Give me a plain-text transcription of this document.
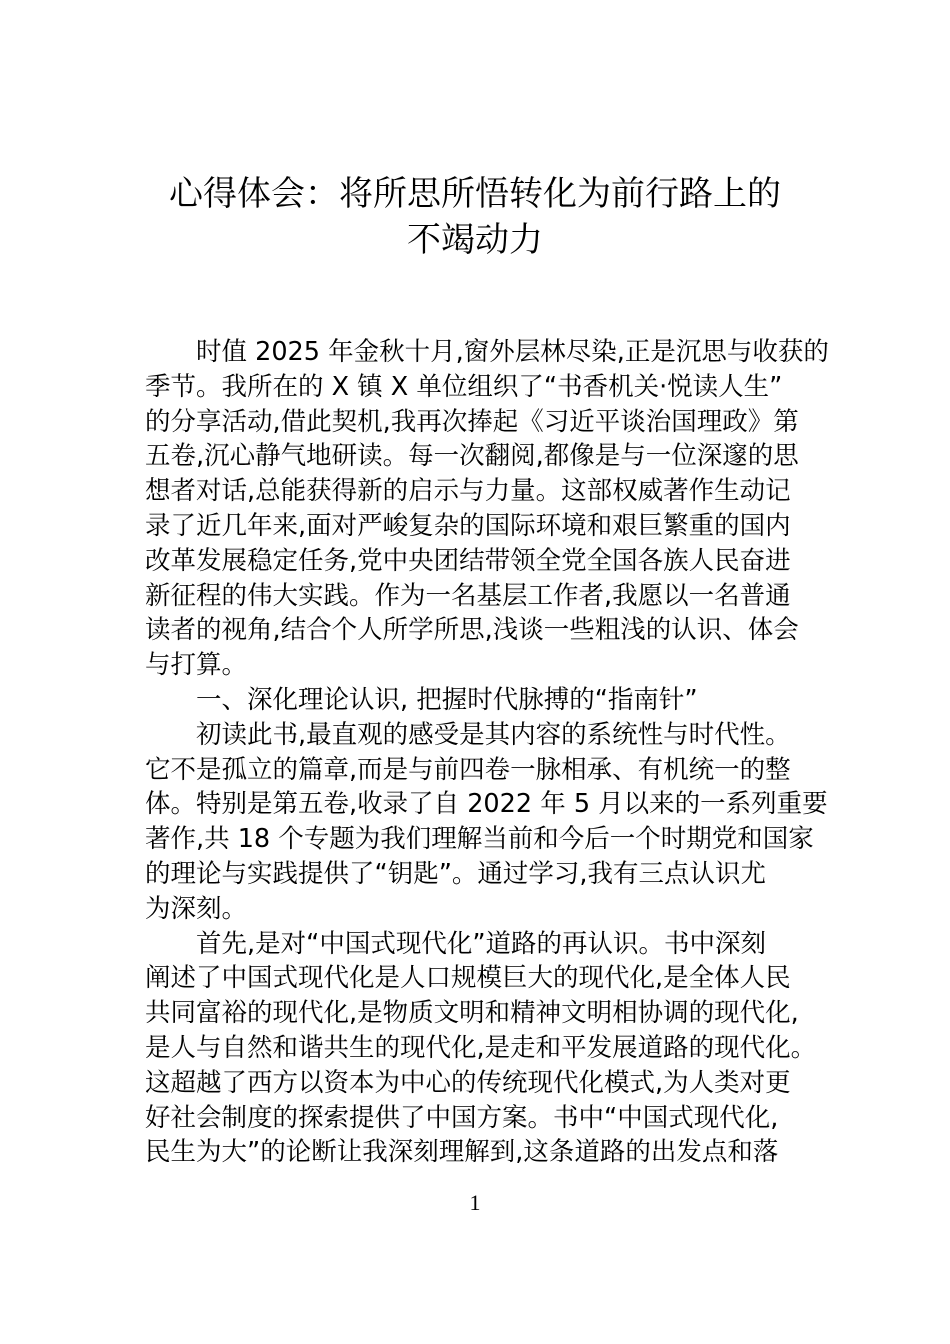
心得体会：将所思所悟转化为前行路上的
不竭动力
时值 2025 年金秋十月,窗外层林尽染,正是沉思与收获的
季节。我所在的 X 镇 X 单位组织了“书香机关·悦读人生”
的分享活动,借此契机,我再次捧起《习近平谈治国理政》第
五卷,沉心静气地研读。每一次翻阅,都像是与一位深邃的思
想者对话,总能获得新的启示与力量。这部权威著作生动记
录了近几年来,面对严峻复杂的国际环境和艰巨繁重的国内
改革发展稳定任务,党中央团结带领全党全国各族人民奋进
新征程的伟大实践。作为一名基层工作者,我愿以一名普通
读者的视角,结合个人所学所思,浅谈一些粗浅的认识、体会
与打算。
一、深化理论认识, 把握时代脉搏的“指南针”
初读此书,最直观的感受是其内容的系统性与时代性。
它不是孤立的篇章,而是与前四卷一脉相承、有机统一的整
体。特别是第五卷,收录了自 2022 年 5 月以来的一系列重要
著作,共 18 个专题为我们理解当前和今后一个时期党和国家
的理论与实践提供了“钥匙”。通过学习,我有三点认识尤
为深刻。
首先,是对“中国式现代化”道路的再认识。书中深刻
阐述了中国式现代化是人口规模巨大的现代化,是全体人民
共同富裕的现代化,是物质文明和精神文明相协调的现代化,
是人与自然和谐共生的现代化,是走和平发展道路的现代化。
这超越了西方以资本为中心的传统现代化模式,为人类对更
好社会制度的探索提供了中国方案。书中“中国式现代化,
民生为大”的论断让我深刻理解到,这条道路的出发点和落
1
